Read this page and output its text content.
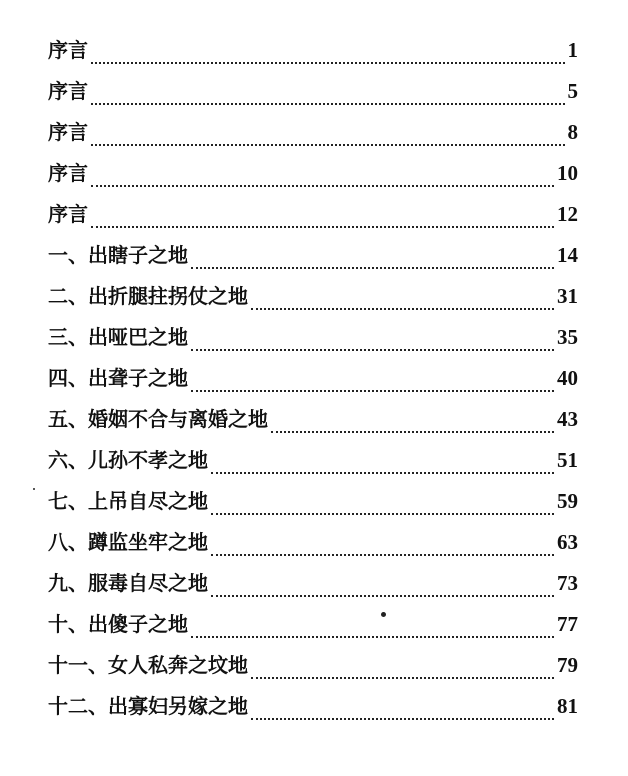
序言	1
序言	5
序言	8
序言	10
序言	12
一、出瞎子之地	14
二、出折腿拄拐仗之地	31
三、出哑巴之地	35
四、出聋子之地	40
五、婚姻不合与离婚之地	43
六、儿孙不孝之地	51
七、上吊自尽之地	59
八、蹲监坐牢之地	63
九、服毒自尽之地	73
十、出傻子之地	77
十一、女人私奔之坟地	79
十二、出寡妇另嫁之地	81
